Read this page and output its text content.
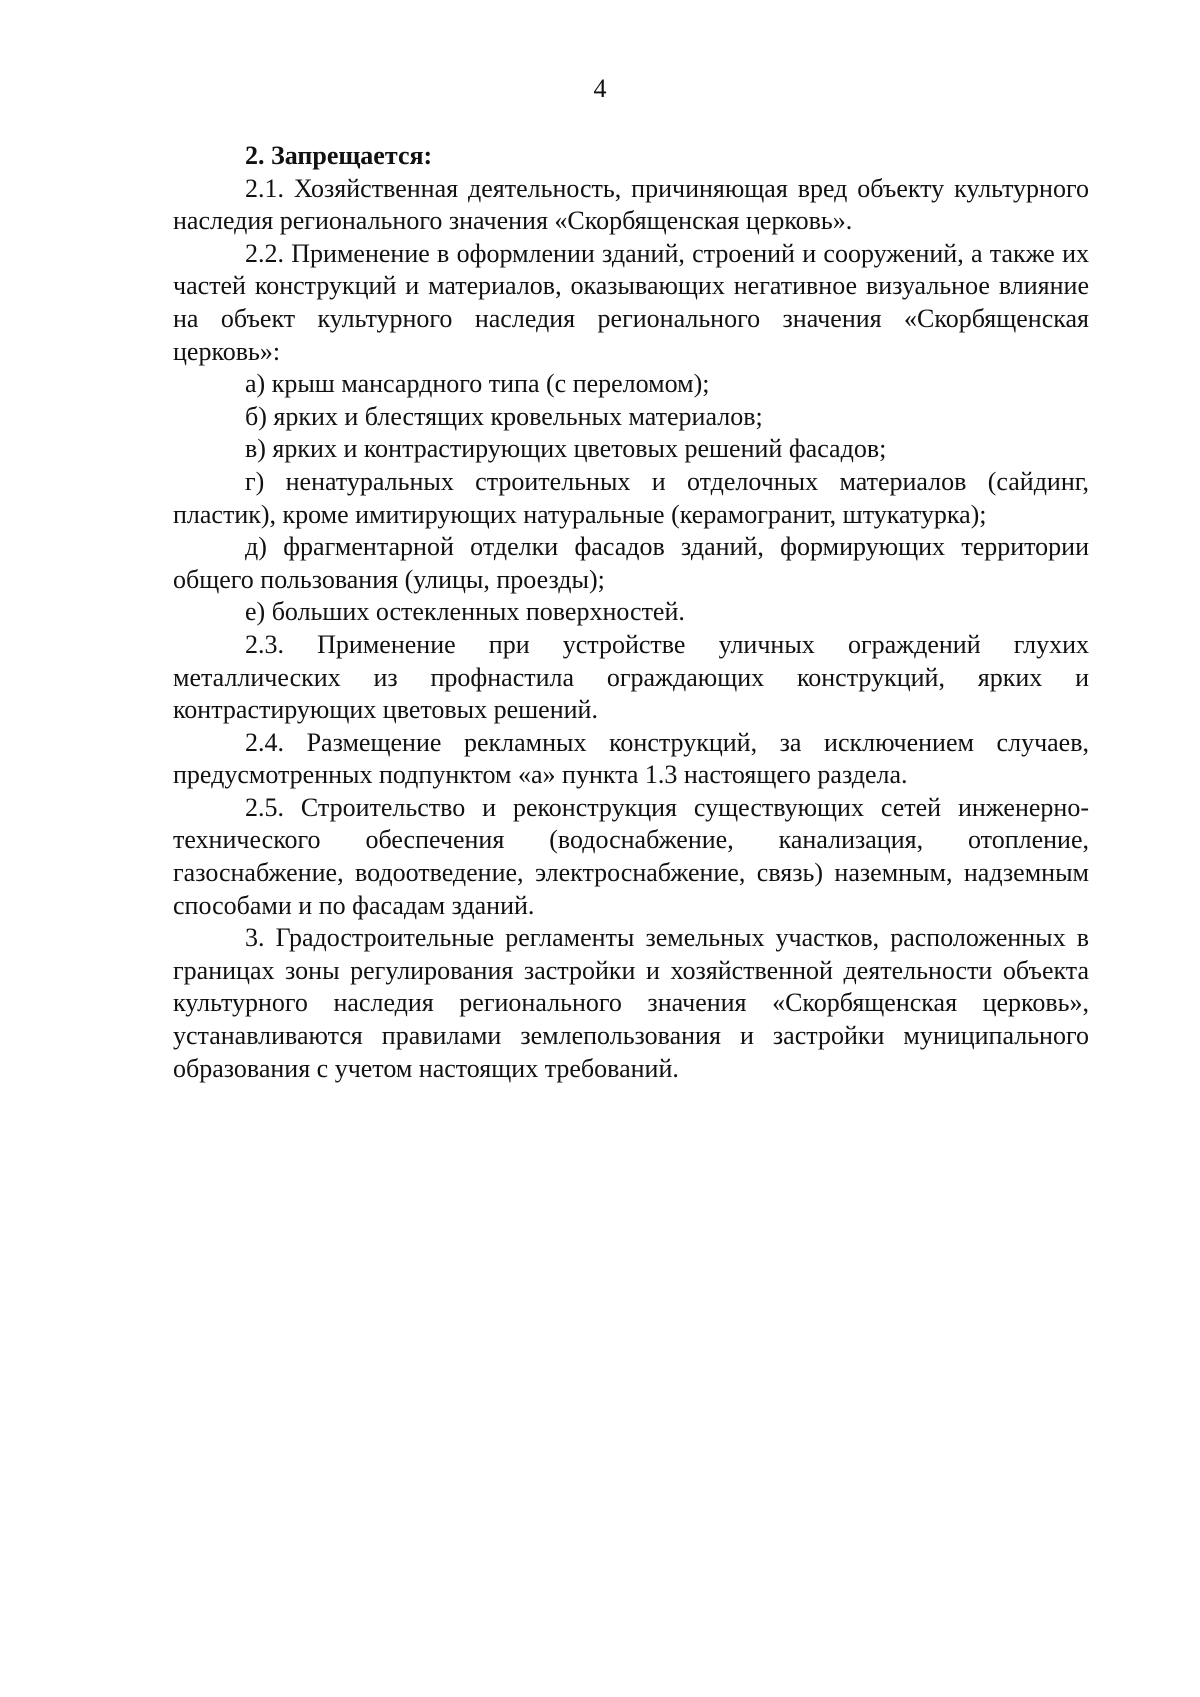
4

2. Запрещается:

2.1. Хозяйственная деятельность, причиняющая вред объекту культурного наследия регионального значения «Скорбященская церковь».

2.2. Применение в оформлении зданий, строений и сооружений, а также их частей конструкций и материалов, оказывающих негативное визуальное влияние на объект культурного наследия регионального значения «Скорбященская церковь»:

а) крыш мансардного типа (с переломом);

б) ярких и блестящих кровельных материалов;

в) ярких и контрастирующих цветовых решений фасадов;

г) ненатуральных строительных и отделочных материалов (сайдинг, пластик), кроме имитирующих натуральные (керамогранит, штукатурка);

д) фрагментарной отделки фасадов зданий, формирующих территории общего пользования (улицы, проезды);

е) больших остекленных поверхностей.

2.3. Применение при устройстве уличных ограждений глухих металлических из профнастила ограждающих конструкций, ярких и контрастирующих цветовых решений.

2.4. Размещение рекламных конструкций, за исключением случаев, предусмотренных подпунктом «а» пункта 1.3 настоящего раздела.

2.5. Строительство и реконструкция существующих сетей инженерно-технического обеспечения (водоснабжение, канализация, отопление, газоснабжение, водоотведение, электроснабжение, связь) наземным, надземным способами и по фасадам зданий.

3. Градостроительные регламенты земельных участков, расположенных в границах зоны регулирования застройки и хозяйственной деятельности объекта культурного наследия регионального значения «Скорбященская церковь», устанавливаются правилами землепользования и застройки муниципального образования с учетом настоящих требований.
